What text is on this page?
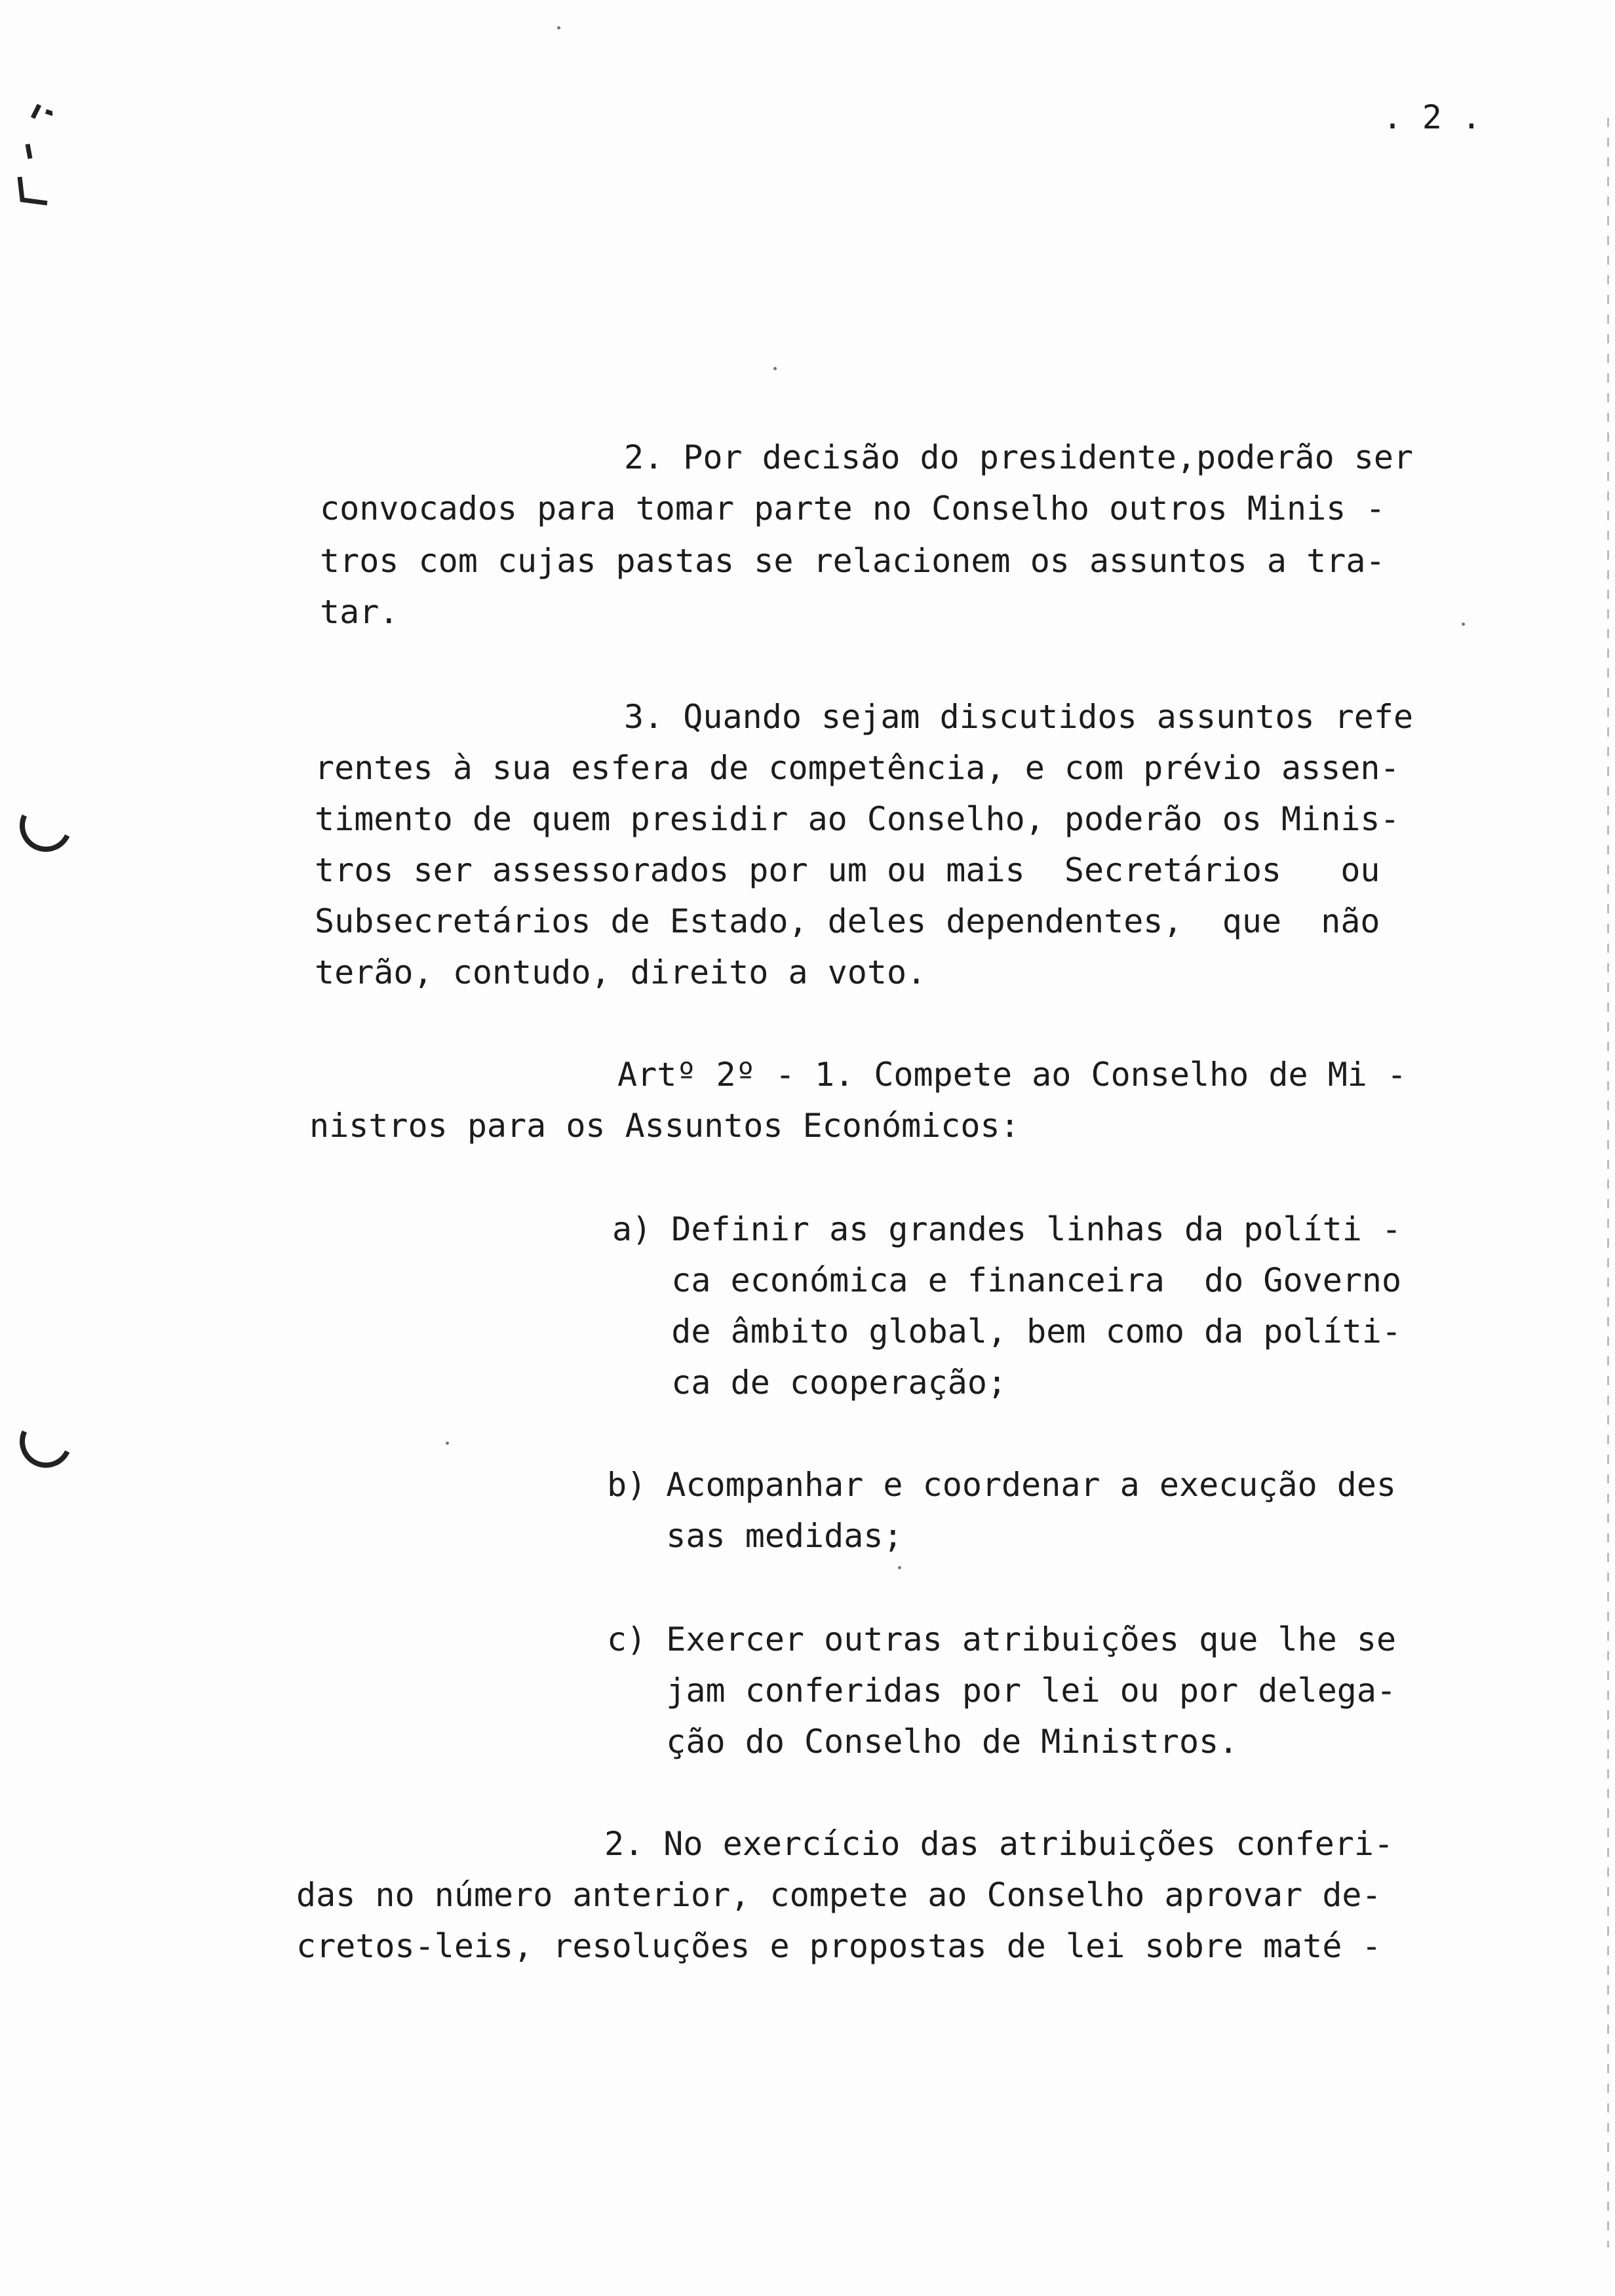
. 2 .
2. Por decisão do presidente,poderão ser
convocados para tomar parte no Conselho outros Minis -
tros com cujas pastas se relacionem os assuntos a tra-
tar.
3. Quando sejam discutidos assuntos refe
rentes à sua esfera de competência, e com prévio assen-
timento de quem presidir ao Conselho, poderão os Minis-
tros ser assessorados por um ou mais  Secretários   ou
Subsecretários de Estado, deles dependentes,  que  não
terão, contudo, direito a voto.
Artº 2º - 1. Compete ao Conselho de Mi -
nistros para os Assuntos Económicos:
a) Definir as grandes linhas da políti -
ca económica e financeira  do Governo
de âmbito global, bem como da políti-
ca de cooperação;
b) Acompanhar e coordenar a execução des
sas medidas;
c) Exercer outras atribuições que lhe se
jam conferidas por lei ou por delega-
ção do Conselho de Ministros.
2. No exercício das atribuições conferi-
das no número anterior, compete ao Conselho aprovar de-
cretos-leis, resoluções e propostas de lei sobre maté -
